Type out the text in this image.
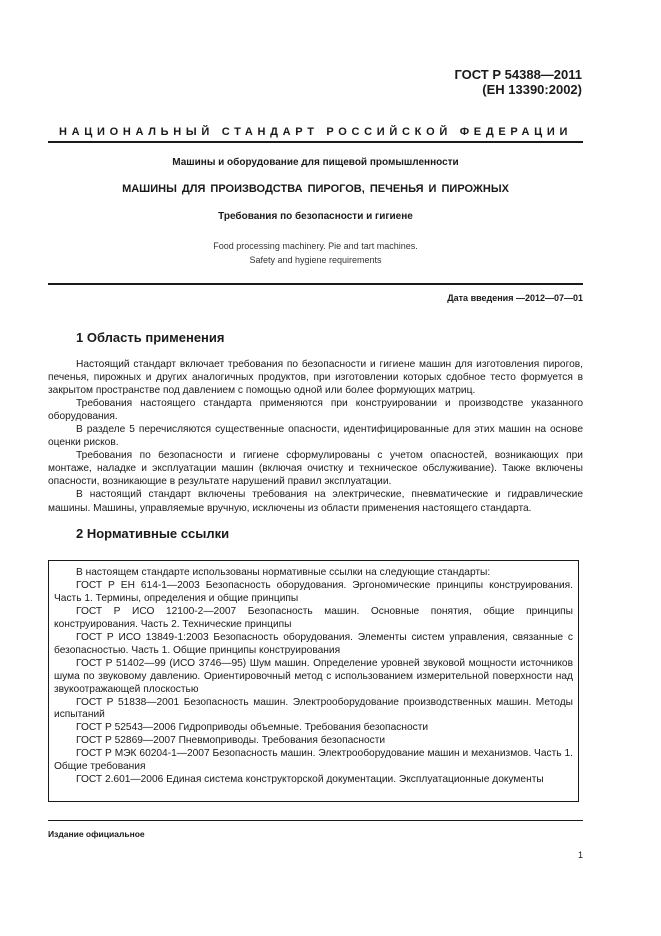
ГОСТ Р 54388—2011
(ЕН 13390:2002)
НАЦИОНАЛЬНЫЙ СТАНДАРТ РОССИЙСКОЙ ФЕДЕРАЦИИ
Машины и оборудование для пищевой промышленности
МАШИНЫ ДЛЯ ПРОИЗВОДСТВА ПИРОГОВ, ПЕЧЕНЬЯ И ПИРОЖНЫХ
Требования по безопасности и гигиене
Food processing machinery. Pie and tart machines.
Safety and hygiene requirements
Дата введения —2012—07—01
1 Область применения

Настоящий стандарт включает требования по безопасности и гигиене машин для изготовления пирогов, печенья, пирожных и других аналогичных продуктов, при изготовлении которых сдобное тесто формуется в закрытом пространстве под давлением с помощью одной или более формующих матриц.

Требования настоящего стандарта применяются при конструировании и производстве указанного оборудования.

В разделе 5 перечисляются существенные опасности, идентифицированные для этих машин на основе оценки рисков.

Требования по безопасности и гигиене сформулированы с учетом опасностей, возникающих при монтаже, наладке и эксплуатации машин (включая очистку и техническое обслуживание). Также включены опасности, возникающие в результате нарушений правил эксплуатации.

В настоящий стандарт включены требования на электрические, пневматические и гидравлические машины. Машины, управляемые вручную, исключены из области применения настоящего стандарта.

2 Нормативные ссылки

В настоящем стандарте использованы нормативные ссылки на следующие стандарты:

ГОСТ Р ЕН 614-1—2003 Безопасность оборудования. Эргономические принципы конструирования. Часть 1. Термины, определения и общие принципы

ГОСТ Р ИСО 12100-2—2007 Безопасность машин. Основные понятия, общие принципы конструирования. Часть 2. Технические принципы

ГОСТ Р ИСО 13849-1:2003 Безопасность оборудования. Элементы систем управления, связанные с безопасностью. Часть 1. Общие принципы конструирования

ГОСТ Р 51402—99 (ИСО 3746—95) Шум машин. Определение уровней звуковой мощности источников шума по звуковому давлению. Ориентировочный метод с использованием измерительной поверхности над звукоотражающей плоскостью

ГОСТ Р 51838—2001 Безопасность машин. Электрооборудование производственных машин. Методы испытаний

ГОСТ Р 52543—2006 Гидроприводы объемные. Требования безопасности

ГОСТ Р 52869—2007 Пневмоприводы. Требования безопасности

ГОСТ Р МЭК 60204-1—2007 Безопасность машин. Электрооборудование машин и механизмов. Часть 1. Общие требования

ГОСТ 2.601—2006 Единая система конструкторской документации. Эксплуатационные документы

Издание официальное
1
